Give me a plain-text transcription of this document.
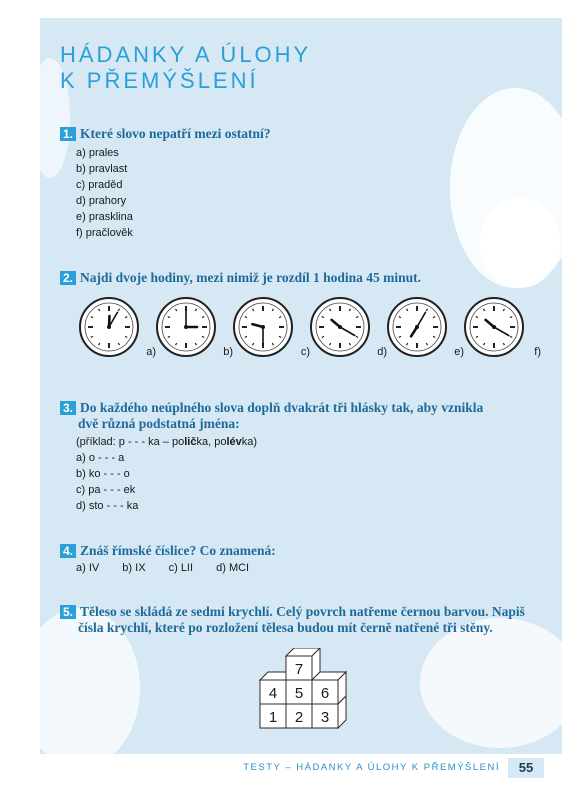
HÁDANKY A ÚLOHY
K PŘEMÝŠLENÍ
1. Které slovo nepatří mezi ostatní?
a) prales
b) pravlast
c) praděd
d) prahory
e) prasklina
f) pračlověk
2. Najdi dvoje hodiny, mezi nimiž je rozdíl 1 hodina 45 minut.
a)	b)	c)	d)	e)	f)
3. Do každého neúplného slova doplň dvakrát tři hlásky tak, aby vznikla
dvě různá podstatná jména:
(příklad: p - - - ka – polička, polévka)
a) o - - - a
b) ko - - - o
c) pa - - - ek
d) sto - - - ka
4. Znáš římské číslice? Co znamená:
a) IV b) IX c) LII d) MCI
5. Těleso se skládá ze sedmi krychlí. Celý povrch natřeme černou barvou. Napiš
čísla krychlí, které po rozložení tělesa budou mít černě natřené tři stěny.
7
4 5 6
1 2 3
TESTY – HÁDANKY A ÚLOHY K PŘEMÝŠLENÍ	55
